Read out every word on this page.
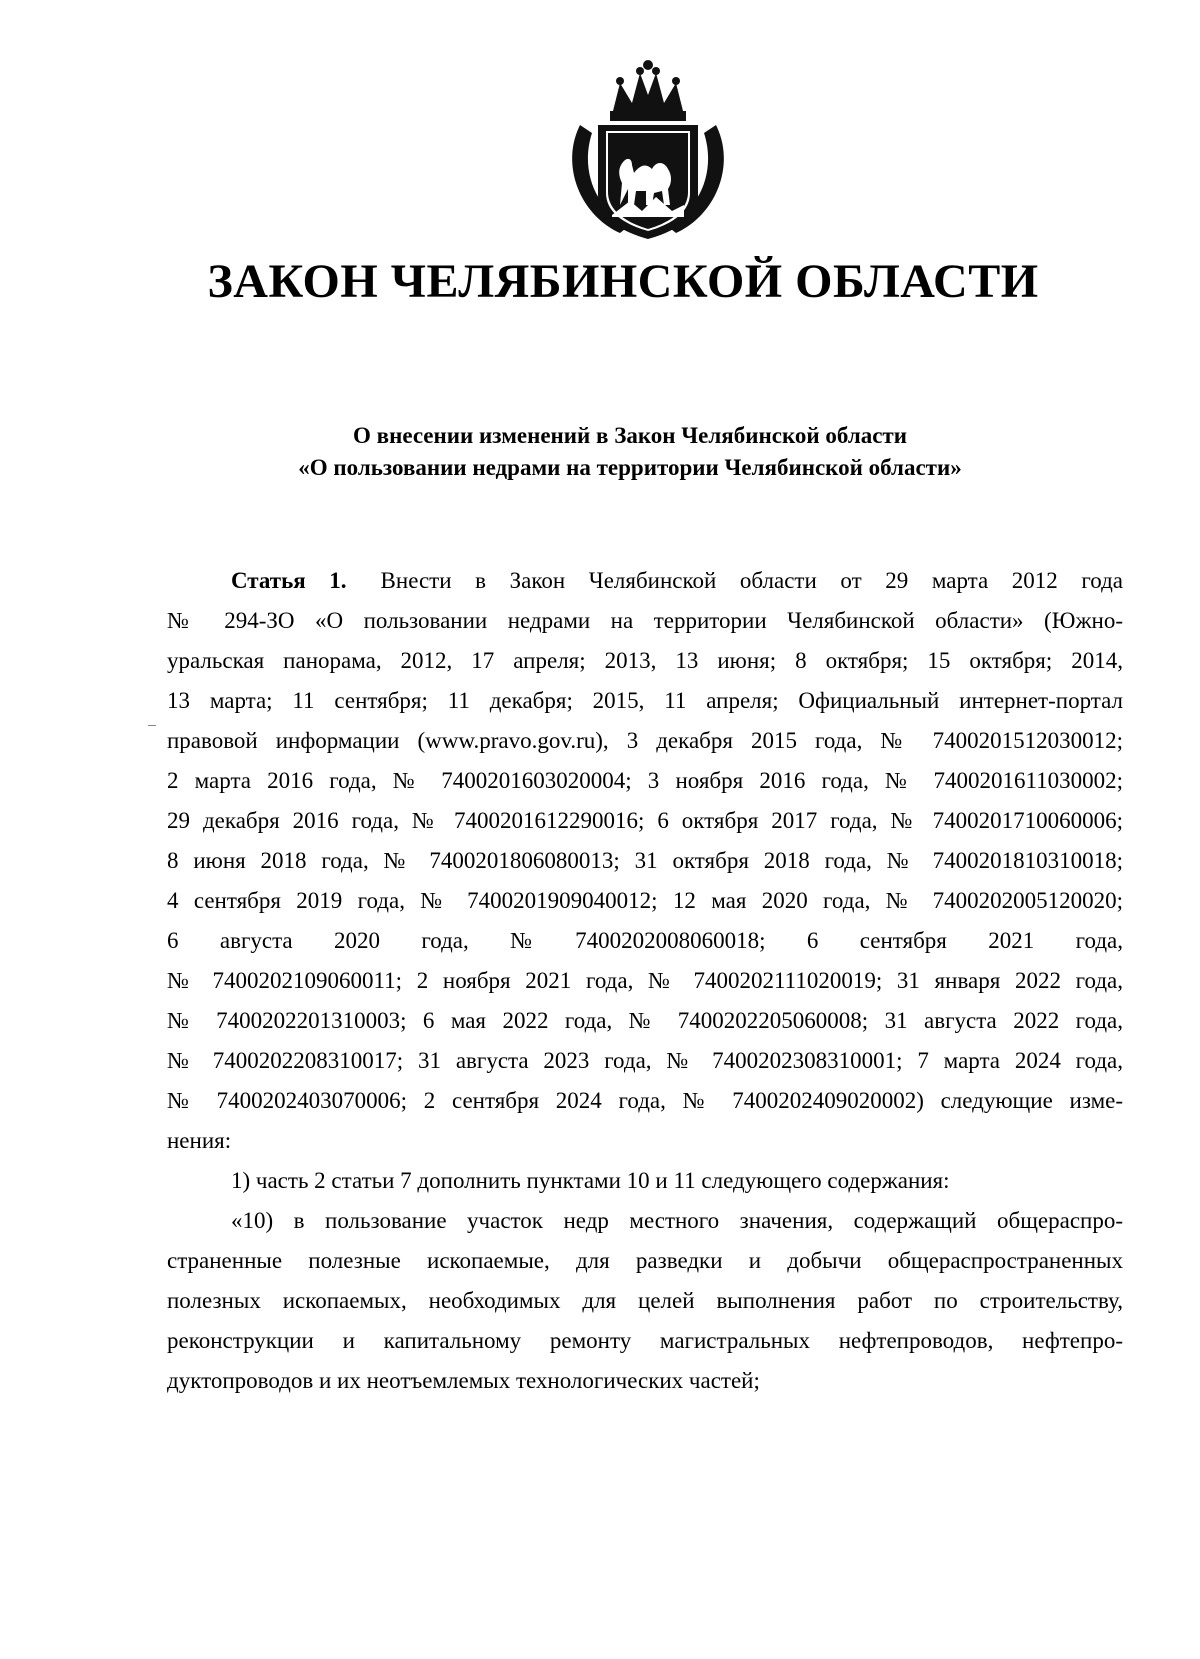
ЗАКОН ЧЕЛЯБИНСКОЙ ОБЛАСТИ
О внесении изменений в Закон Челябинской области
«О пользовании недрами на территории Челябинской области»
Статья 1. Внести в Закон Челябинской области от 29 марта 2012 года
№ 294-ЗО «О пользовании недрами на территории Челябинской области» (Южно-
уральская панорама, 2012, 17 апреля; 2013, 13 июня; 8 октября; 15 октября; 2014,
13 марта; 11 сентября; 11 декабря; 2015, 11 апреля; Официальный интернет-портал
правовой информации (www.pravo.gov.ru), 3 декабря 2015 года, № 7400201512030012;
2 марта 2016 года, № 7400201603020004; 3 ноября 2016 года, № 7400201611030002;
29 декабря 2016 года, № 7400201612290016; 6 октября 2017 года, № 7400201710060006;
8 июня 2018 года, № 7400201806080013; 31 октября 2018 года, № 7400201810310018;
4 сентября 2019 года, № 7400201909040012; 12 мая 2020 года, № 7400202005120020;
6 августа 2020 года, № 7400202008060018; 6 сентября 2021 года,
№ 7400202109060011; 2 ноября 2021 года, № 7400202111020019; 31 января 2022 года,
№ 7400202201310003; 6 мая 2022 года, № 7400202205060008; 31 августа 2022 года,
№ 7400202208310017; 31 августа 2023 года, № 7400202308310001; 7 марта 2024 года,
№ 7400202403070006; 2 сентября 2024 года, № 7400202409020002) следующие изме-
нения:
1) часть 2 статьи 7 дополнить пунктами 10 и 11 следующего содержания:
«10) в пользование участок недр местного значения, содержащий общераспро-
страненные полезные ископаемые, для разведки и добычи общераспространенных
полезных ископаемых, необходимых для целей выполнения работ по строительству,
реконструкции и капитальному ремонту магистральных нефтепроводов, нефтепро-
дуктопроводов и их неотъемлемых технологических частей;
